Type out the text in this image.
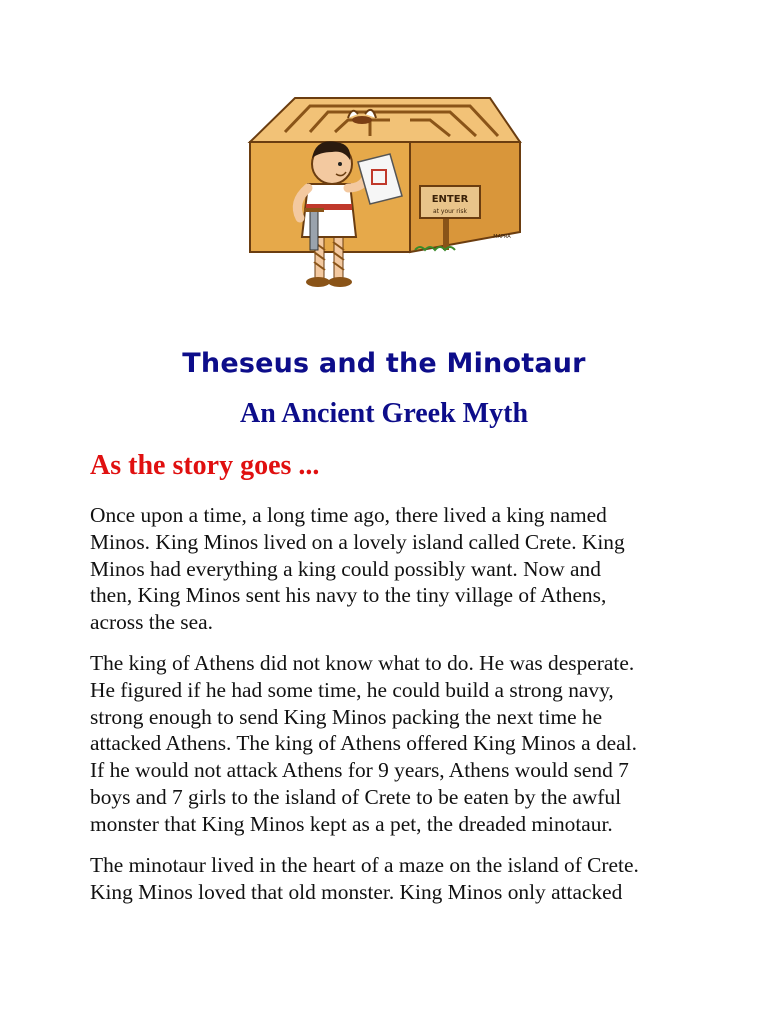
ENTER
at your risk
MAPRA
Theseus and the Minotaur
An Ancient Greek Myth
As the story goes ...

Once upon a time, a long time ago, there lived a king named
Minos. King Minos lived on a lovely island called Crete. King
Minos had everything a king could possibly want. Now and
then, King Minos sent his navy to the tiny village of Athens,
across the sea.

The king of Athens did not know what to do. He was desperate.
He figured if he had some time, he could build a strong navy,
strong enough to send King Minos packing the next time he
attacked Athens. The king of Athens offered King Minos a deal.
If he would not attack Athens for 9 years, Athens would send 7
boys and 7 girls to the island of Crete to be eaten by the awful
monster that King Minos kept as a pet, the dreaded minotaur.

The minotaur lived in the heart of a maze on the island of Crete.
King Minos loved that old monster. King Minos only attacked
